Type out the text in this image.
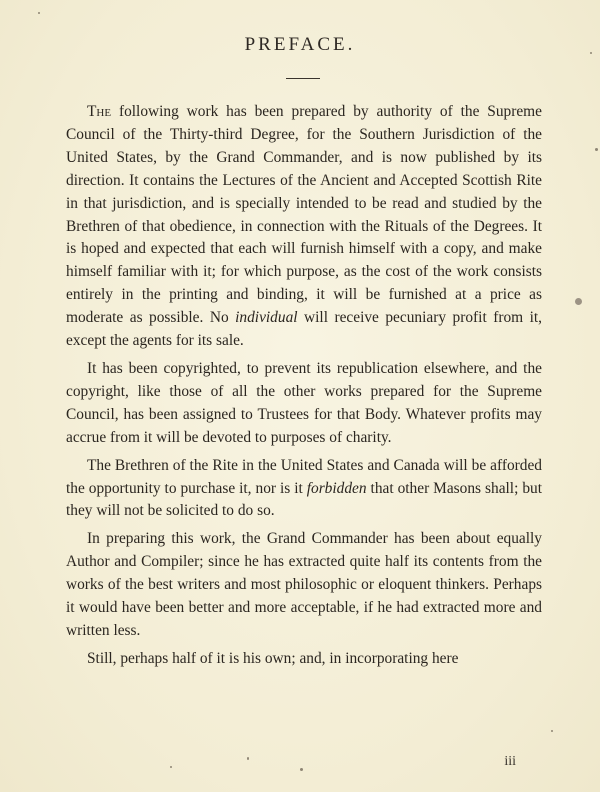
PREFACE.

The following work has been prepared by authority of the Supreme Council of the Thirty-third Degree, for the Southern Jurisdiction of the United States, by the Grand Commander, and is now published by its direction. It contains the Lectures of the Ancient and Accepted Scottish Rite in that jurisdiction, and is specially intended to be read and studied by the Brethren of that obedience, in connection with the Rituals of the Degrees. It is hoped and expected that each will furnish himself with a copy, and make himself familiar with it; for which purpose, as the cost of the work consists entirely in the printing and binding, it will be furnished at a price as moderate as possible. No individual will receive pecuniary profit from it, except the agents for its sale.

It has been copyrighted, to prevent its republication elsewhere, and the copyright, like those of all the other works prepared for the Supreme Council, has been assigned to Trustees for that Body. Whatever profits may accrue from it will be devoted to purposes of charity.

The Brethren of the Rite in the United States and Canada will be afforded the opportunity to purchase it, nor is it forbidden that other Masons shall; but they will not be solicited to do so.

In preparing this work, the Grand Commander has been about equally Author and Compiler; since he has extracted quite half its contents from the works of the best writers and most philosophic or eloquent thinkers. Perhaps it would have been better and more acceptable, if he had extracted more and written less.

Still, perhaps half of it is his own; and, in incorporating here

iii
